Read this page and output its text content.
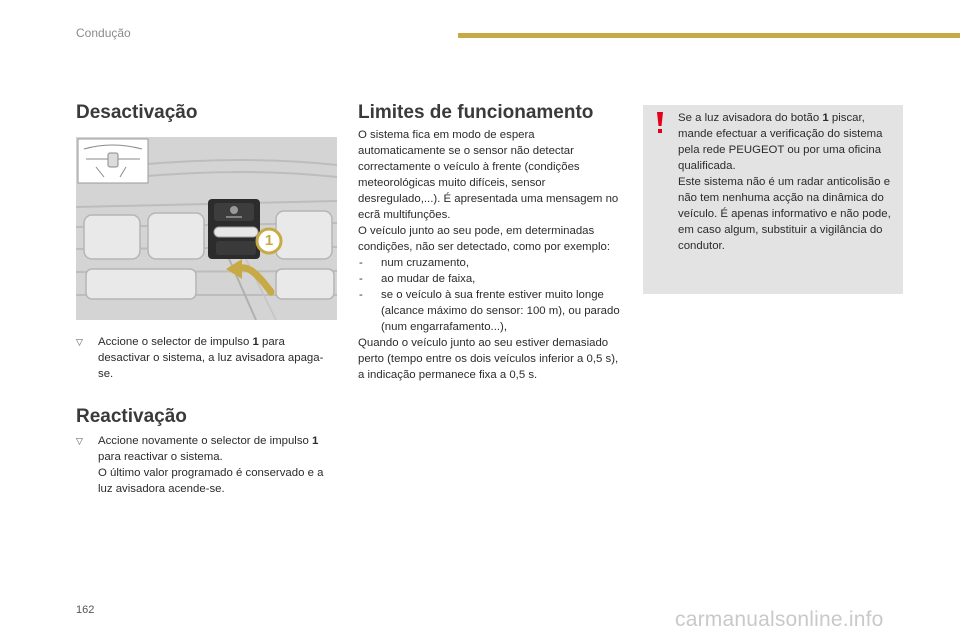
Condução
Desactivação
1
▽	Accione o selector de impulso 1 para desactivar o sistema, a luz avisadora apaga-se.
Reactivação
▽	Accione novamente o selector de impulso 1 para reactivar o sistema.
O último valor programado é conservado e a luz avisadora acende-se.
Limites de funcionamento

O sistema fica em modo de espera automaticamente se o sensor não detectar correctamente o veículo à frente (condições meteorológicas muito difíceis, sensor desregulado,...). É apresentada uma mensagem no ecrã multifunções.

O veículo junto ao seu pode, em determinadas condições, não ser detectado, como por exemplo:

-	num cruzamento,
-	ao mudar de faixa,
-	se o veículo à sua frente estiver muito longe (alcance máximo do sensor: 100 m), ou parado (num engarrafamento...),

Quando o veículo junto ao seu estiver demasiado perto (tempo entre os dois veículos inferior a 0,5 s), a indicação permanece fixa a 0,5 s.

Se a luz avisadora do botão 1 piscar, mande efectuar a verificação do sistema pela rede PEUGEOT ou por uma oficina qualificada.
Este sistema não é um radar anticolisão e não tem nenhuma acção na dinâmica do veículo. É apenas informativo e não pode, em caso algum, substituir a vigilância do condutor.
162	carmanualsonline.info
